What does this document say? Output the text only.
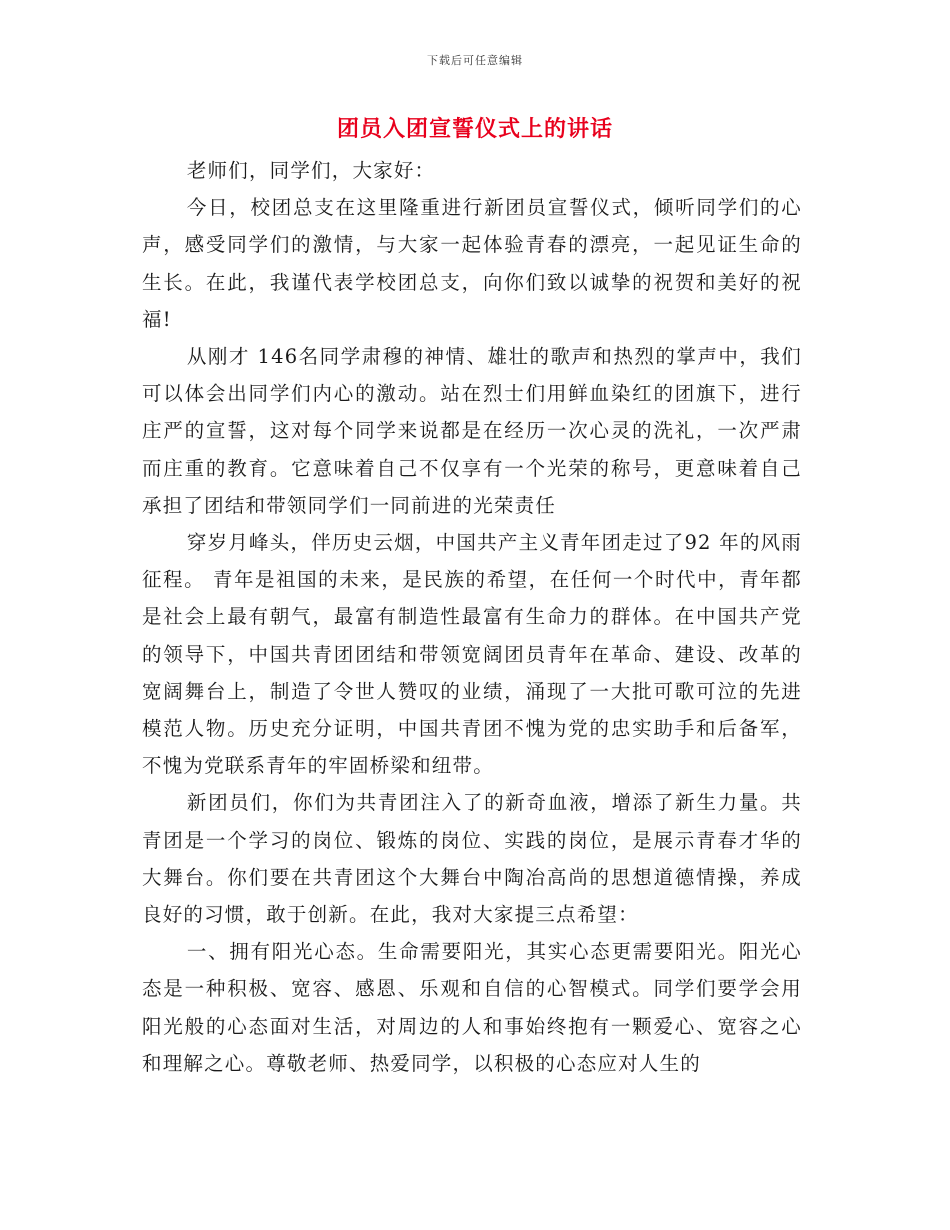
下载后可任意编辑
团员入团宣誓仪式上的讲话

老师们，同学们，大家好：

今日，校团总支在这里隆重进行新团员宣誓仪式，倾听同学们的心声，感受同学们的激情，与大家一起体验青春的漂亮，一起见证生命的生长。在此，我谨代表学校团总支，向你们致以诚挚的祝贺和美好的祝福!

从刚才 146名同学肃穆的神情、雄壮的歌声和热烈的掌声中，我们可以体会出同学们内心的激动。站在烈士们用鲜血染红的团旗下，进行庄严的宣誓，这对每个同学来说都是在经历一次心灵的洗礼，一次严肃而庄重的教育。它意味着自己不仅享有一个光荣的称号，更意味着自己承担了团结和带领同学们一同前进的光荣责任

穿岁月峰头，伴历史云烟，中国共产主义青年团走过了92 年的风雨征程。 青年是祖国的未来，是民族的希望，在任何一个时代中，青年都是社会上最有朝气，最富有制造性最富有生命力的群体。在中国共产党的领导下，中国共青团团结和带领宽阔团员青年在革命、建设、改革的宽阔舞台上，制造了令世人赞叹的业绩，涌现了一大批可歌可泣的先进模范人物。历史充分证明，中国共青团不愧为党的忠实助手和后备军，不愧为党联系青年的牢固桥梁和纽带。

新团员们，你们为共青团注入了的新奇血液，增添了新生力量。共青团是一个学习的岗位、锻炼的岗位、实践的岗位，是展示青春才华的大舞台。你们要在共青团这个大舞台中陶冶高尚的思想道德情操，养成良好的习惯，敢于创新。在此，我对大家提三点希望：

一、拥有阳光心态。生命需要阳光，其实心态更需要阳光。阳光心态是一种积极、宽容、感恩、乐观和自信的心智模式。同学们要学会用阳光般的心态面对生活，对周边的人和事始终抱有一颗爱心、宽容之心和理解之心。尊敬老师、热爱同学，以积极的心态应对人生的
